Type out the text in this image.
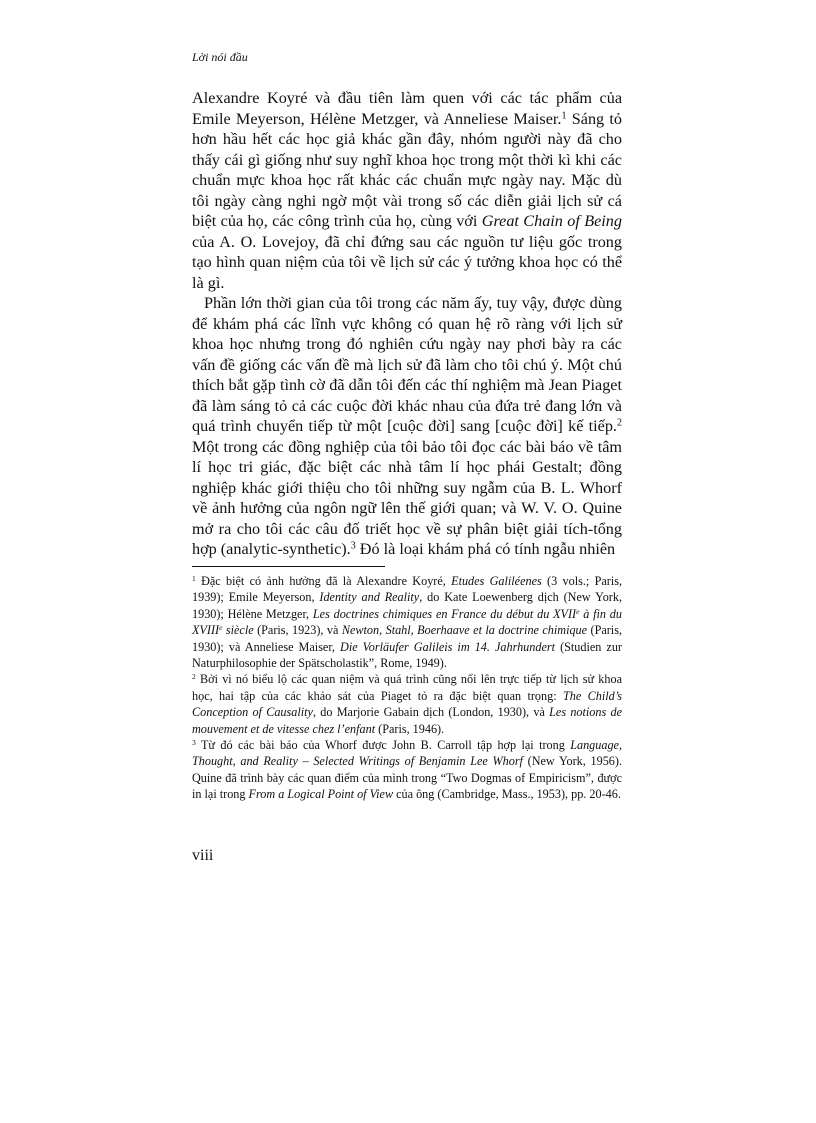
Lời nói đầu

Alexandre Koyré và đầu tiên làm quen với các tác phẩm của Emile Meyerson, Hélène Metzger, và Anneliese Maiser.$^1$ Sáng tỏ hơn hầu hết các học giả khác gần đây, nhóm người này đã cho thấy cái gì giống như suy nghĩ khoa học trong một thời kì khi các chuẩn mực khoa học rất khác các chuẩn mực ngày nay. Mặc dù tôi ngày càng nghi ngờ một vài trong số các diễn giải lịch sử cá biệt của họ, các công trình của họ, cùng với Great Chain of Being của A. O. Lovejoy, đã chỉ đứng sau các nguồn tư liệu gốc trong tạo hình quan niệm của tôi về lịch sử các ý tưởng khoa học có thể là gì.

Phần lớn thời gian của tôi trong các năm ấy, tuy vậy, được dùng để khám phá các lĩnh vực không có quan hệ rõ ràng với lịch sử khoa học nhưng trong đó nghiên cứu ngày nay phơi bày ra các vấn đề giống các vấn đề mà lịch sử đã làm cho tôi chú ý. Một chú thích bắt gặp tình cờ đã dẫn tôi đến các thí nghiệm mà Jean Piaget đã làm sáng tỏ cả các cuộc đời khác nhau của đứa trẻ đang lớn và quá trình chuyển tiếp từ một [cuộc đời] sang [cuộc đời] kế tiếp.$^2$ Một trong các đồng nghiệp của tôi bảo tôi đọc các bài báo về tâm lí học tri giác, đặc biệt các nhà tâm lí học phái Gestalt; đồng nghiệp khác giới thiệu cho tôi những suy ngẫm của B. L. Whorf về ảnh hưởng của ngôn ngữ lên thế giới quan; và W. V. O. Quine mở ra cho tôi các câu đố triết học về sự phân biệt giải tích-tổng hợp (analytic-synthetic).$^3$ Đó là loại khám phá có tính ngẫu nhiên

$^1$ Đặc biệt có ảnh hưởng đã là Alexandre Koyré, Etudes Galiléenes (3 vols.; Paris, 1939); Emile Meyerson, Identity and Reality, do Kate Loewenberg dịch (New York, 1930); Hélène Metzger, Les doctrines chimiques en France du début du XVIIe à fin du XVIIIe siècle (Paris, 1923), và Newton, Stahl, Boerhaave et la doctrine chimique (Paris, 1930); và Anneliese Maiser, Die Vorläufer Galileis im 14. Jahrhundert (Studien zur Naturphilosophie der Spätscholastik”, Rome, 1949).

$^2$ Bởi vì nó biểu lộ các quan niệm và quá trình cũng nổi lên trực tiếp từ lịch sử khoa học, hai tập của các khảo sát của Piaget tỏ ra đặc biệt quan trọng: The Child’s Conception of Causality, do Marjorie Gabain dịch (London, 1930), và Les notions de mouvement et de vitesse chez l’enfant (Paris, 1946).

$^3$ Từ đó các bài báo của Whorf được John B. Carroll tập hợp lại trong Language, Thought, and Reality – Selected Writings of Benjamin Lee Whorf (New York, 1956). Quine đã trình bày các quan điểm của mình trong “Two Dogmas of Empiricism”, được in lại trong From a Logical Point of View của ông (Cambridge, Mass., 1953), pp. 20-46.

viii
